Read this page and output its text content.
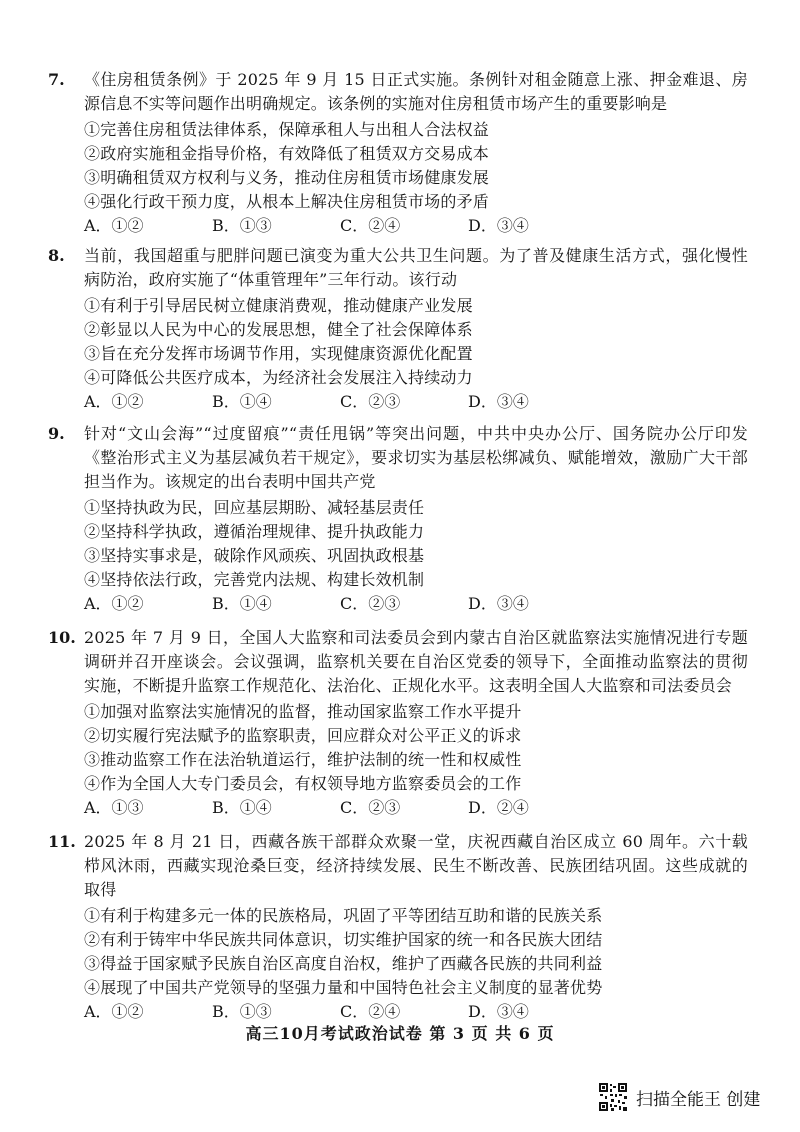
7. 《住房租赁条例》于 2025 年 9 月 15 日正式实施。条例针对租金随意上涨、押金难退、房源信息不实等问题作出明确规定。该条例的实施对住房租赁市场产生的重要影响是
①完善住房租赁法律体系，保障承租人与出租人合法权益
②政府实施租金指导价格，有效降低了租赁双方交易成本
③明确租赁双方权利与义务，推动住房租赁市场健康发展
④强化行政干预力度，从根本上解决住房租赁市场的矛盾
A．①②	B．①③	C．②④	D．③④
8. 当前，我国超重与肥胖问题已演变为重大公共卫生问题。为了普及健康生活方式，强化慢性病防治，政府实施了“体重管理年”三年行动。该行动
①有利于引导居民树立健康消费观，推动健康产业发展
②彰显以人民为中心的发展思想，健全了社会保障体系
③旨在充分发挥市场调节作用，实现健康资源优化配置
④可降低公共医疗成本，为经济社会发展注入持续动力
A．①②	B．①④	C．②③	D．③④
9. 针对“文山会海”“过度留痕”“责任甩锅”等突出问题，中共中央办公厅、国务院办公厅印发《整治形式主义为基层减负若干规定》，要求切实为基层松绑减负、赋能增效，激励广大干部担当作为。该规定的出台表明中国共产党
①坚持执政为民，回应基层期盼、减轻基层责任
②坚持科学执政，遵循治理规律、提升执政能力
③坚持实事求是，破除作风顽疾、巩固执政根基
④坚持依法行政，完善党内法规、构建长效机制
A．①②	B．①④	C．②③	D．③④
10. 2025 年 7 月 9 日，全国人大监察和司法委员会到内蒙古自治区就监察法实施情况进行专题调研并召开座谈会。会议强调，监察机关要在自治区党委的领导下，全面推动监察法的贯彻实施，不断提升监察工作规范化、法治化、正规化水平。这表明全国人大监察和司法委员会
①加强对监察法实施情况的监督，推动国家监察工作水平提升
②切实履行宪法赋予的监察职责，回应群众对公平正义的诉求
③推动监察工作在法治轨道运行，维护法制的统一性和权威性
④作为全国人大专门委员会，有权领导地方监察委员会的工作
A．①③	B．①④	C．②③	D．②④
11. 2025 年 8 月 21 日，西藏各族干部群众欢聚一堂，庆祝西藏自治区成立 60 周年。六十载栉风沐雨，西藏实现沧桑巨变，经济持续发展、民生不断改善、民族团结巩固。这些成就的取得
①有利于构建多元一体的民族格局，巩固了平等团结互助和谐的民族关系
②有利于铸牢中华民族共同体意识，切实维护国家的统一和各民族大团结
③得益于国家赋予民族自治区高度自治权，维护了西藏各民族的共同利益
④展现了中国共产党领导的坚强力量和中国特色社会主义制度的显著优势
A．①②	B．①③	C．②④	D．③④
高三10月考试政治试卷 第 3 页 共 6 页
扫描全能王 创建
